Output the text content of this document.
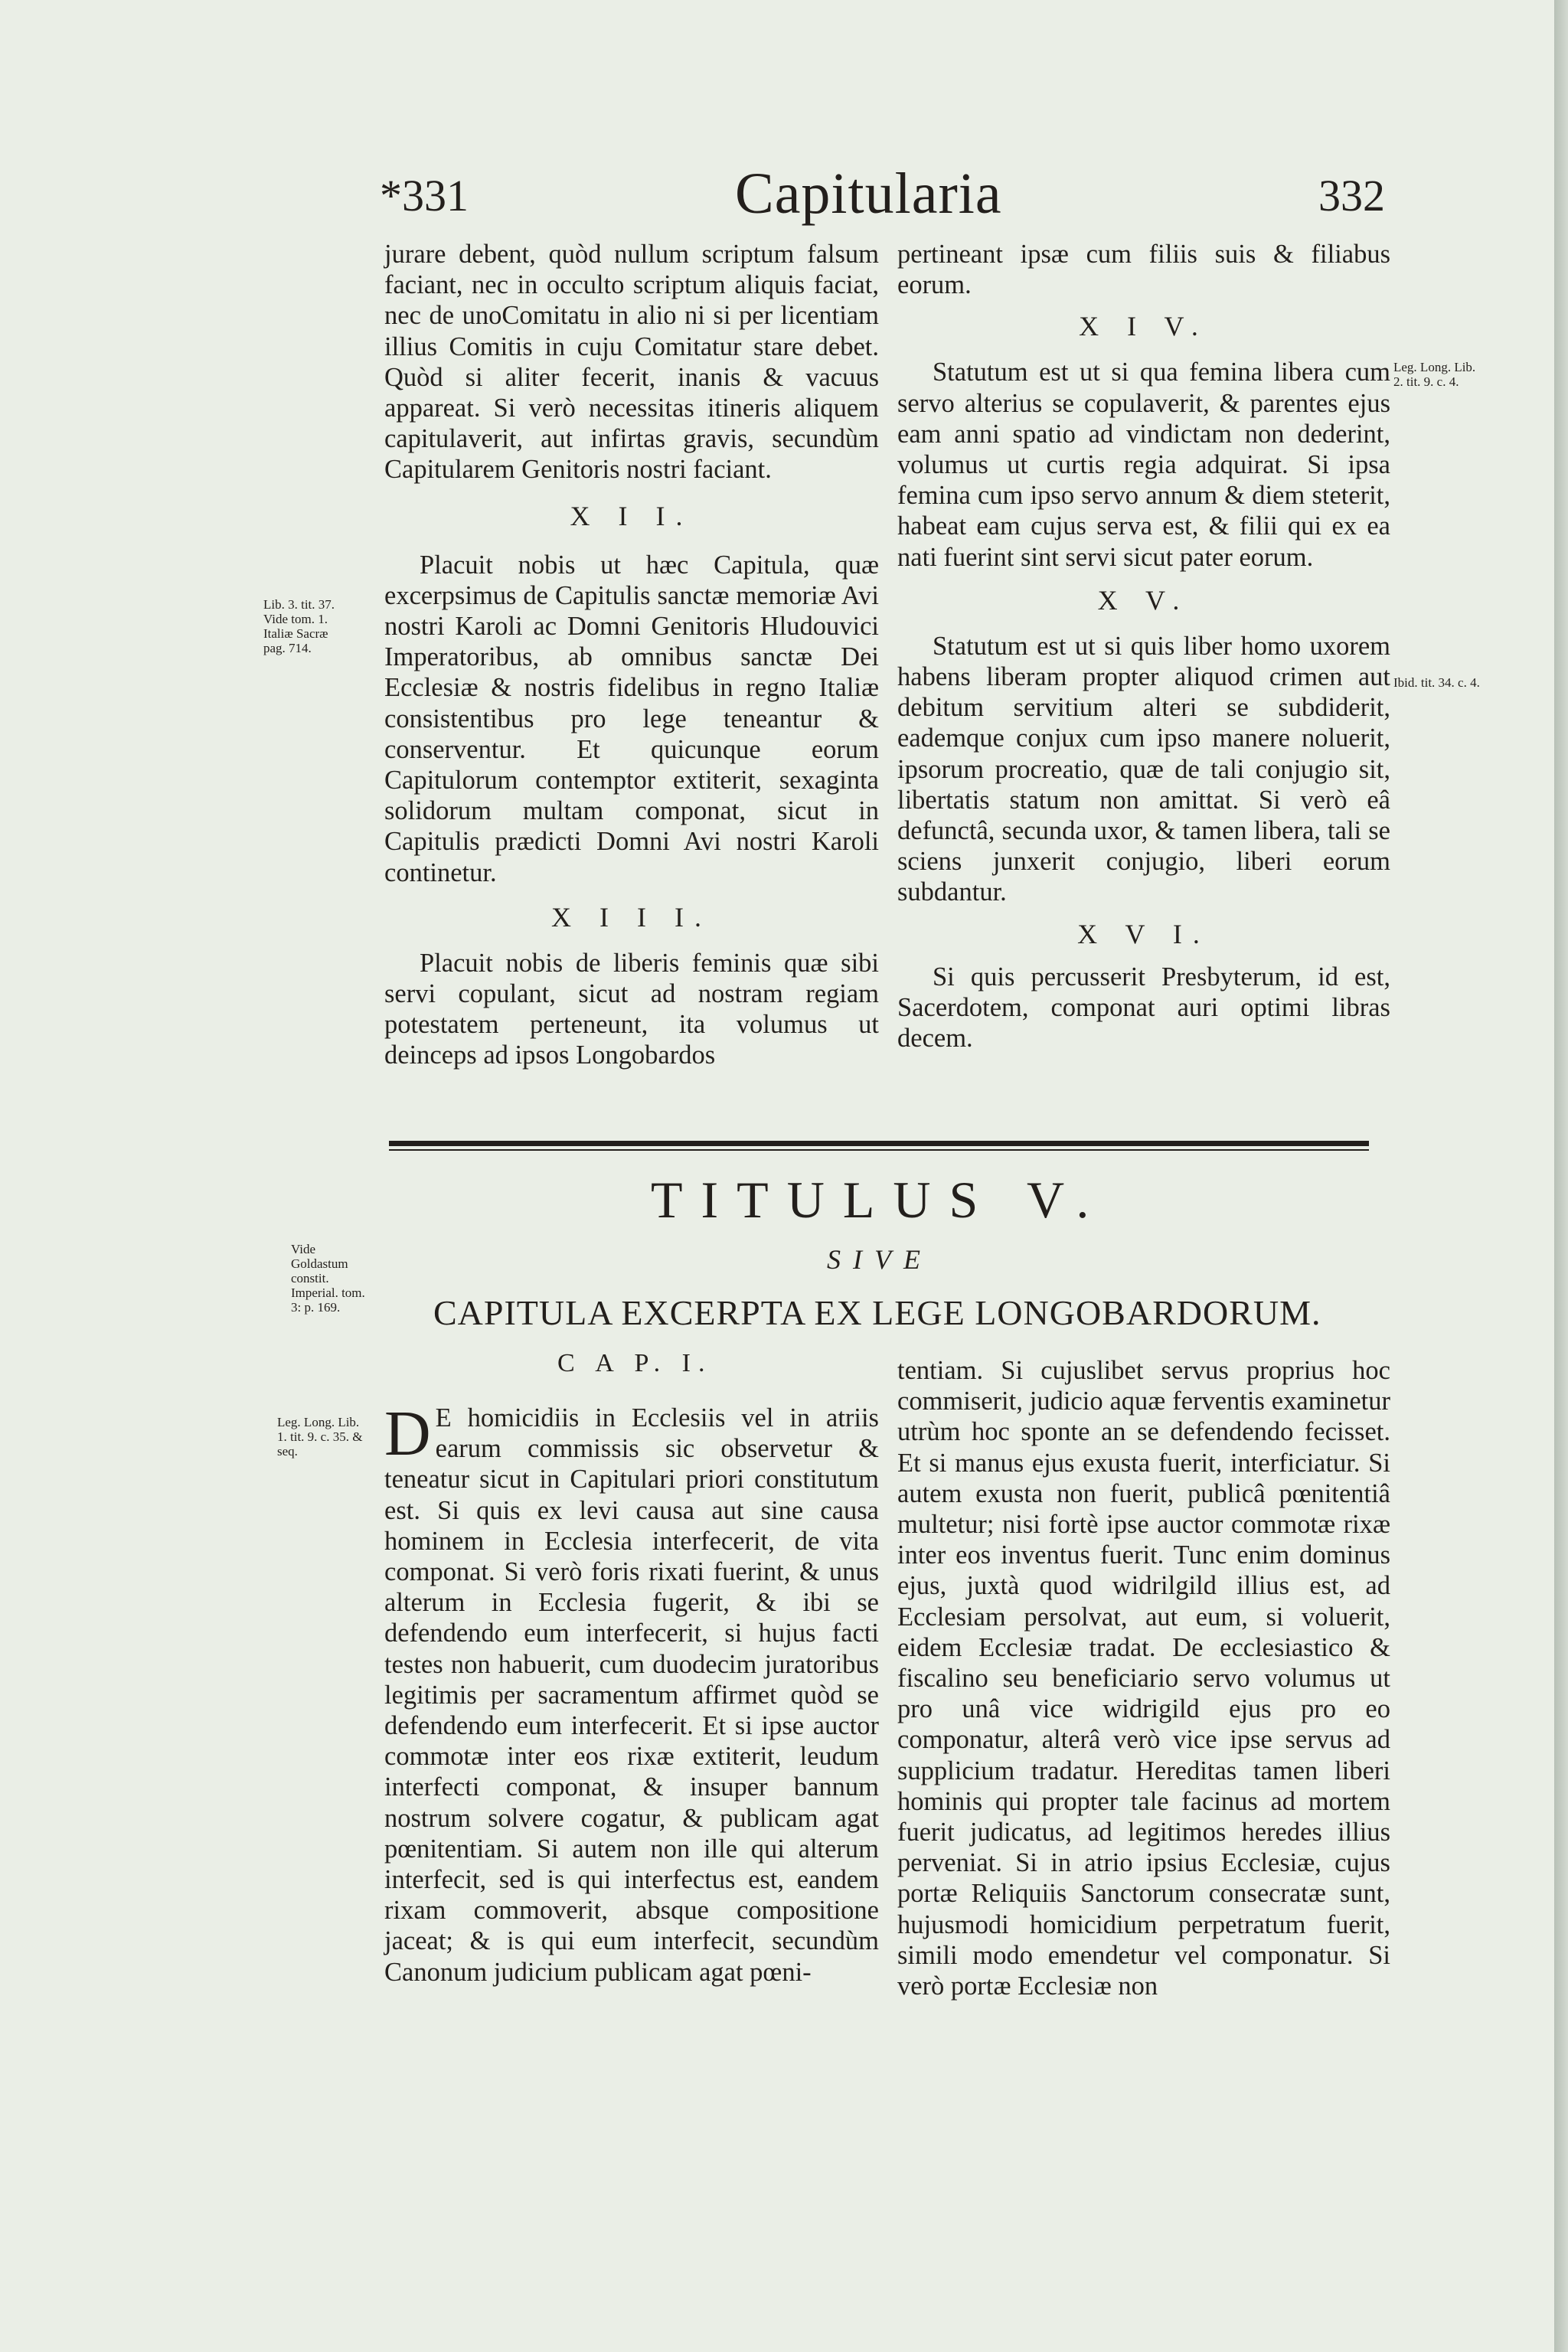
*331	Capitularia	332

jurare debent, quòd nullum scriptum falsum faciant, nec in occulto scriptum aliquis faciat, nec de unoComitatu in alio ni si per licentiam illius Comitis in cuju Comitatur stare debet. Quòd si aliter fecerit, inanis & vacuus appareat. Si verò necessitas itineris aliquem capitulaverit, aut infirtas gravis, secundùm Capitularem Genitoris nostri faciant.

X I I.

Placuit nobis ut hæc Capitula, quæ excerpsimus de Capitulis sanctæ memoriæ Avi nostri Karoli ac Domni Genitoris Hludouvici Imperatoribus, ab omnibus sanctæ Dei Ecclesiæ & nostris fidelibus in regno Italiæ consistentibus pro lege teneantur & conserventur. Et quicunque eorum Capitulorum contemptor extiterit, sexaginta solidorum multam componat, sicut in Capitulis prædicti Domni Avi nostri Karoli continetur.

X I I I.

Placuit nobis de liberis feminis quæ sibi servi copulant, sicut ad nostram regiam potestatem perteneunt, ita volumus ut deinceps ad ipsos Longobardos

pertineant ipsæ cum filiis suis & filiabus eorum.

X I V.

Statutum est ut si qua femina libera cum servo alterius se copulaverit, & parentes ejus eam anni spatio ad vindictam non dederint, volumus ut curtis regia adquirat. Si ipsa femina cum ipso servo annum & diem steterit, habeat eam cujus serva est, & filii qui ex ea nati fuerint sint servi sicut pater eorum.

X V.

Statutum est ut si quis liber homo uxorem habens liberam propter aliquod crimen aut debitum servitium alteri se subdiderit, eademque conjux cum ipso manere noluerit, ipsorum procreatio, quæ de tali conjugio sit, libertatis statum non amittat. Si verò eâ defunctâ, secunda uxor, & tamen libera, tali se sciens junxerit conjugio, liberi eorum subdantur.

X V I.

Si quis percusserit Presbyterum, id est, Sacerdotem, componat auri optimi libras decem.

Lib. 3. tit. 37. Vide tom. 1. Italiæ Sacræ pag. 714.
Leg. Long. Lib. 2. tit. 9. c. 4.
Ibid. tit. 34. c. 4.
Vide Goldastum constit. Imperial. tom. 3: p. 169.
Leg. Long. Lib. 1. tit. 9. c. 35. & seq.
TITULUS V.
SIVE
CAPITULA EXCERPTA EX LEGE LONGOBARDORUM.
C A P. I.
D E homicidiis in Ecclesiis vel in atriis earum commissis sic observetur & teneatur sicut in Capitulari priori constitutum est. Si quis ex levi causa aut sine causa hominem in Ecclesia interfecerit, de vita componat. Si verò foris rixati fuerint, & unus alterum in Ecclesia fugerit, & ibi se defendendo eum interfecerit, si hujus facti testes non habuerit, cum duodecim juratoribus legitimis per sacramentum affirmet quòd se defendendo eum interfecerit. Et si ipse auctor commotæ inter eos rixæ extiterit, leudum interfecti componat, & insuper bannum nostrum solvere cogatur, & publicam agat pœnitentiam. Si autem non ille qui alterum interfecit, sed is qui interfectus est, eandem rixam commoverit, absque compositione jaceat; & is qui eum interfecit, secundùm Canonum judicium publicam agat pœni-

tentiam. Si cujuslibet servus proprius hoc commiserit, judicio aquæ ferventis examinetur utrùm hoc sponte an se defendendo fecisset. Et si manus ejus exusta fuerit, interficiatur. Si autem exusta non fuerit, publicâ pœnitentiâ multetur; nisi fortè ipse auctor commotæ rixæ inter eos inventus fuerit. Tunc enim dominus ejus, juxtà quod widrilgild illius est, ad Ecclesiam persolvat, aut eum, si voluerit, eidem Ecclesiæ tradat. De ecclesiastico & fiscalino seu beneficiario servo volumus ut pro unâ vice widrigild ejus pro eo componatur, alterâ verò vice ipse servus ad supplicium tradatur. Hereditas tamen liberi hominis qui propter tale facinus ad mortem fuerit judicatus, ad legitimos heredes illius perveniat. Si in atrio ipsius Ecclesiæ, cujus portæ Reliquiis Sanctorum consecratæ sunt, hujusmodi homicidium perpetratum fuerit, simili modo emendetur vel componatur. Si verò portæ Ecclesiæ non
